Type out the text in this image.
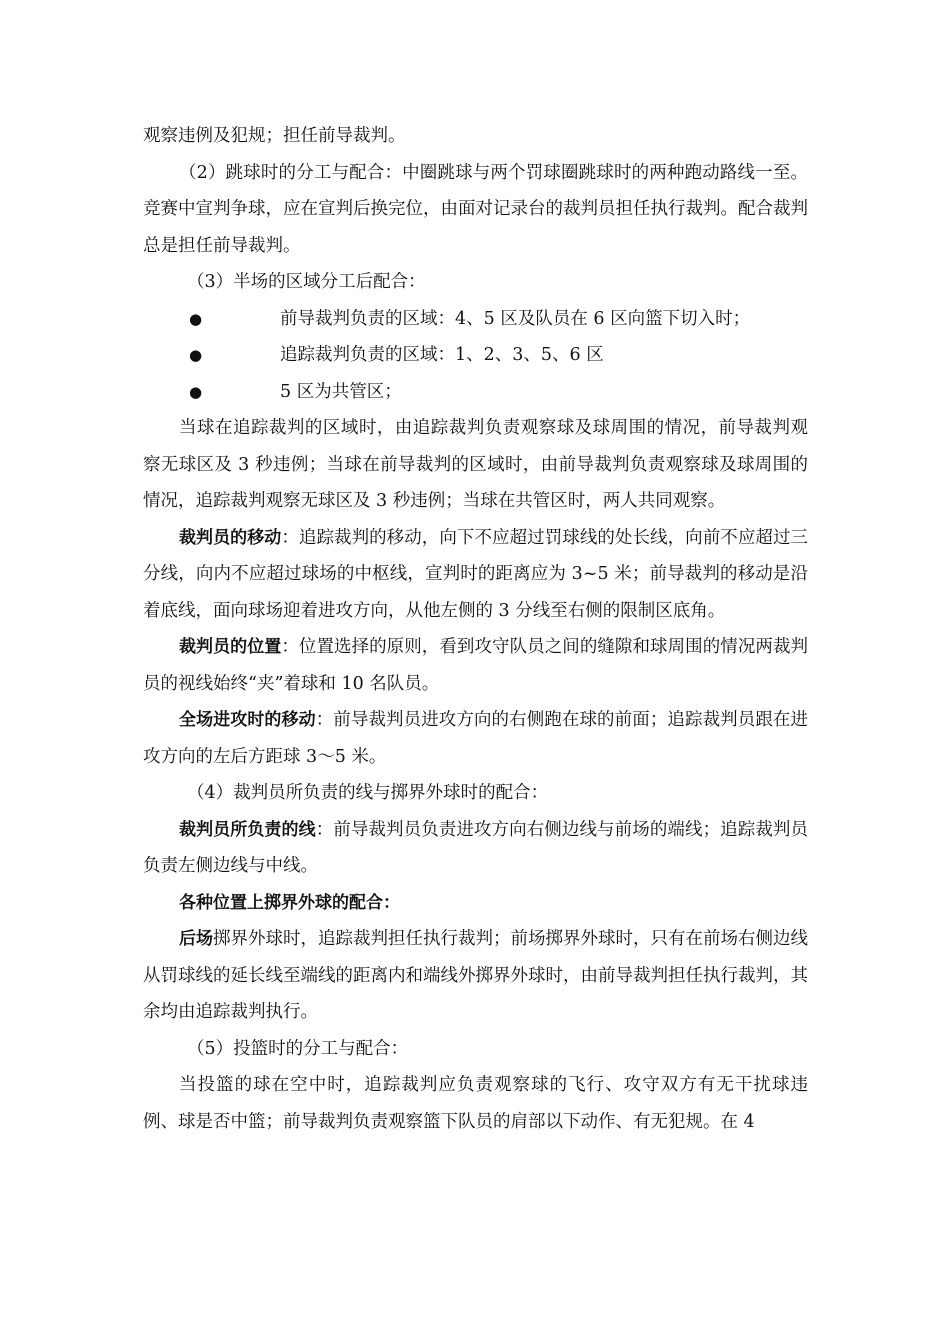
观察违例及犯规；担任前导裁判。

（2）跳球时的分工与配合：中圈跳球与两个罚球圈跳球时的两种跑动路线一至。竞赛中宣判争球，应在宣判后换完位，由面对记录台的裁判员担任执行裁判。配合裁判总是担任前导裁判。

（3）半场的区域分工后配合：

●	前导裁判负责的区域：4、5 区及队员在 6 区向篮下切入时；
●	追踪裁判负责的区域：1、2、3、5、6 区
●	5 区为共管区；

当球在追踪裁判的区域时，由追踪裁判负责观察球及球周围的情况，前导裁判观察无球区及 3 秒违例；当球在前导裁判的区域时，由前导裁判负责观察球及球周围的情况，追踪裁判观察无球区及 3 秒违例；当球在共管区时，两人共同观察。

裁判员的移动：追踪裁判的移动，向下不应超过罚球线的处长线，向前不应超过三分线，向内不应超过球场的中枢线，宣判时的距离应为 3~5 米；前导裁判的移动是沿着底线，面向球场迎着进攻方向，从他左侧的 3 分线至右侧的限制区底角。

裁判员的位置：位置选择的原则，看到攻守队员之间的缝隙和球周围的情况两裁判员的视线始终“夹”着球和 10 名队员。

全场进攻时的移动：前导裁判员进攻方向的右侧跑在球的前面；追踪裁判员跟在进攻方向的左后方距球 3～5 米。

（4）裁判员所负责的线与掷界外球时的配合：

裁判员所负责的线：前导裁判员负责进攻方向右侧边线与前场的端线；追踪裁判员负责左侧边线与中线。

各种位置上掷界外球的配合：

后场掷界外球时，追踪裁判担任执行裁判；前场掷界外球时，只有在前场右侧边线从罚球线的延长线至端线的距离内和端线外掷界外球时，由前导裁判担任执行裁判，其余均由追踪裁判执行。

（5）投篮时的分工与配合：

当投篮的球在空中时，追踪裁判应负责观察球的飞行、攻守双方有无干扰球违例、球是否中篮；前导裁判负责观察篮下队员的肩部以下动作、有无犯规。在 4
